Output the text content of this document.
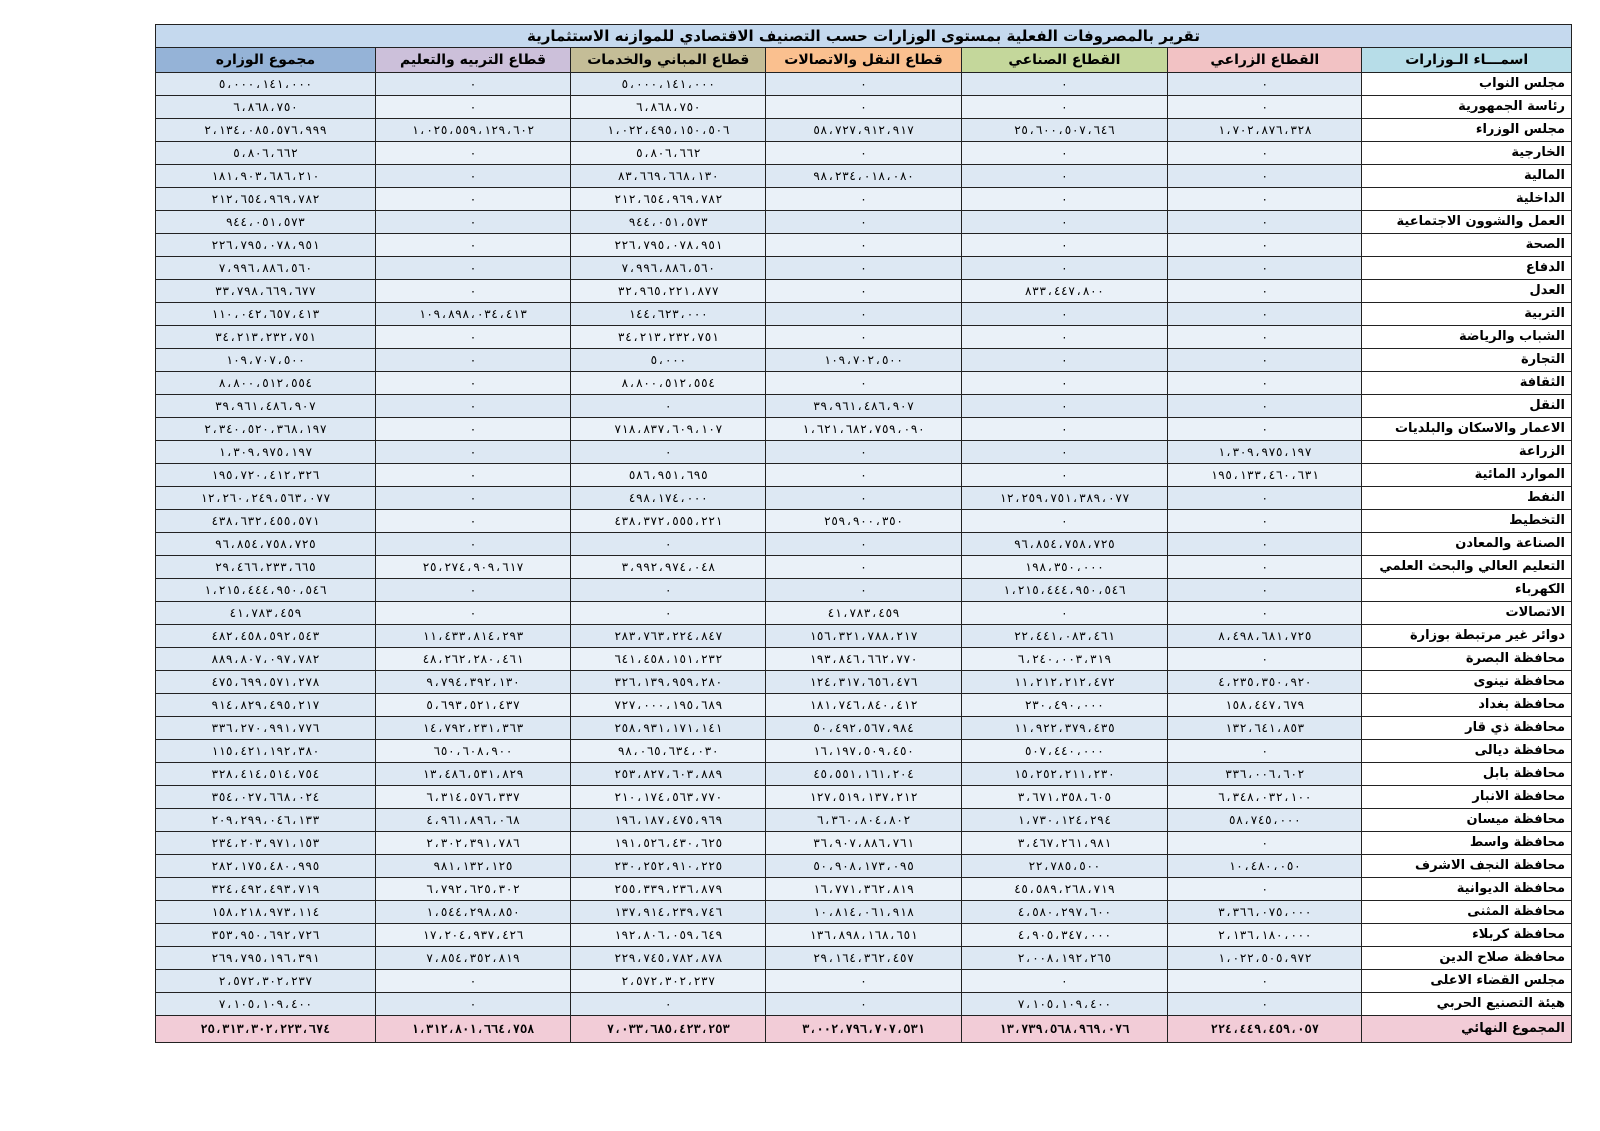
تقرير بالمصروفات الفعلية بمستوى الوزارات حسب التصنيف الاقتصادي للموازنه الاستثمارية						
اسمـــاء الـوزارات	القطاع الزراعي	القطاع الصناعي	قطاع النقل والاتصالات	قطاع المباني والخدمات	قطاع التربيه والتعليم	مجموع الوزاره
مجلس النواب	٠	٠	٠	٥،٠٠٠،١٤١،٠٠٠	٠	٥،٠٠٠،١٤١،٠٠٠
رئاسة الجمهورية	٠	٠	٠	٦،٨٦٨،٧٥٠	٠	٦،٨٦٨،٧٥٠
مجلس الوزراء	١،٧٠٢،٨٧٦،٣٢٨	٢٥،٦٠٠،٥٠٧،٦٤٦	٥٨،٧٢٧،٩١٢،٩١٧	١،٠٢٢،٤٩٥،١٥٠،٥٠٦	١،٠٢٥،٥٥٩،١٢٩،٦٠٢	٢،١٣٤،٠٨٥،٥٧٦،٩٩٩
الخارجية	٠	٠	٠	٥،٨٠٦،٦٦٢	٠	٥،٨٠٦،٦٦٢
المالية	٠	٠	٩٨،٢٣٤،٠١٨،٠٨٠	٨٣،٦٦٩،٦٦٨،١٣٠	٠	١٨١،٩٠٣،٦٨٦،٢١٠
الداخلية	٠	٠	٠	٢١٢،٦٥٤،٩٦٩،٧٨٢	٠	٢١٢،٦٥٤،٩٦٩،٧٨٢
العمل والشوون الاجتماعية	٠	٠	٠	٩٤٤،٠٥١،٥٧٣	٠	٩٤٤،٠٥١،٥٧٣
الصحة	٠	٠	٠	٢٢٦،٧٩٥،٠٧٨،٩٥١	٠	٢٢٦،٧٩٥،٠٧٨،٩٥١
الدفاع	٠	٠	٠	٧،٩٩٦،٨٨٦،٥٦٠	٠	٧،٩٩٦،٨٨٦،٥٦٠
العدل	٠	٨٣٣،٤٤٧،٨٠٠	٠	٣٢،٩٦٥،٢٢١،٨٧٧	٠	٣٣،٧٩٨،٦٦٩،٦٧٧
التربية	٠	٠	٠	١٤٤،٦٢٣،٠٠٠	١٠٩،٨٩٨،٠٣٤،٤١٣	١١٠،٠٤٢،٦٥٧،٤١٣
الشباب والرياضة	٠	٠	٠	٣٤،٢١٣،٢٣٢،٧٥١	٠	٣٤،٢١٣،٢٣٢،٧٥١
التجارة	٠	٠	١٠٩،٧٠٢،٥٠٠	٥،٠٠٠	٠	١٠٩،٧٠٧،٥٠٠
الثقافة	٠	٠	٠	٨،٨٠٠،٥١٢،٥٥٤	٠	٨،٨٠٠،٥١٢،٥٥٤
النقل	٠	٠	٣٩،٩٦١،٤٨٦،٩٠٧	٠	٠	٣٩،٩٦١،٤٨٦،٩٠٧
الاعمار والاسكان والبلديات	٠	٠	١،٦٢١،٦٨٢،٧٥٩،٠٩٠	٧١٨،٨٣٧،٦٠٩،١٠٧	٠	٢،٣٤٠،٥٢٠،٣٦٨،١٩٧
الزراعة	١،٣٠٩،٩٧٥،١٩٧	٠	٠	٠	٠	١،٣٠٩،٩٧٥،١٩٧
الموارد المائية	١٩٥،١٣٣،٤٦٠،٦٣١	٠	٠	٥٨٦،٩٥١،٦٩٥	٠	١٩٥،٧٢٠،٤١٢،٣٢٦
النفط	٠	١٢،٢٥٩،٧٥١،٣٨٩،٠٧٧	٠	٤٩٨،١٧٤،٠٠٠	٠	١٢،٢٦٠،٢٤٩،٥٦٣،٠٧٧
التخطيط	٠	٠	٢٥٩،٩٠٠،٣٥٠	٤٣٨،٣٧٢،٥٥٥،٢٢١	٠	٤٣٨،٦٣٢،٤٥٥،٥٧١
الصناعة والمعادن	٠	٩٦،٨٥٤،٧٥٨،٧٢٥	٠	٠	٠	٩٦،٨٥٤،٧٥٨،٧٢٥
التعليم العالي والبحث العلمي	٠	١٩٨،٣٥٠،٠٠٠	٠	٣،٩٩٢،٩٧٤،٠٤٨	٢٥،٢٧٤،٩٠٩،٦١٧	٢٩،٤٦٦،٢٣٣،٦٦٥
الكهرباء	٠	١،٢١٥،٤٤٤،٩٥٠،٥٤٦	٠	٠	٠	١،٢١٥،٤٤٤،٩٥٠،٥٤٦
الاتصالات	٠	٠	٤١،٧٨٣،٤٥٩	٠	٠	٤١،٧٨٣،٤٥٩
دوائر غير مرتبطة بوزارة	٨،٤٩٨،٦٨١،٧٢٥	٢٢،٤٤١،٠٨٣،٤٦١	١٥٦،٣٢١،٧٨٨،٢١٧	٢٨٣،٧٦٣،٢٢٤،٨٤٧	١١،٤٣٣،٨١٤،٢٩٣	٤٨٢،٤٥٨،٥٩٢،٥٤٣
محافظة البصرة	٠	٦،٢٤٠،٠٠٣،٣١٩	١٩٣،٨٤٦،٦٦٢،٧٧٠	٦٤١،٤٥٨،١٥١،٢٣٢	٤٨،٢٦٢،٢٨٠،٤٦١	٨٨٩،٨٠٧،٠٩٧،٧٨٢
محافظة نينوى	٤،٢٣٥،٣٥٠،٩٢٠	١١،٢١٢،٢١٢،٤٧٢	١٢٤،٣١٧،٦٥٦،٤٧٦	٣٢٦،١٣٩،٩٥٩،٢٨٠	٩،٧٩٤،٣٩٢،١٣٠	٤٧٥،٦٩٩،٥٧١،٢٧٨
محافظة بغداد	١٥٨،٤٤٧،٦٧٩	٢٣٠،٤٩٠،٠٠٠	١٨١،٧٤٦،٨٤٠،٤١٢	٧٢٧،٠٠٠،١٩٥،٦٨٩	٥،٦٩٣،٥٢١،٤٣٧	٩١٤،٨٢٩،٤٩٥،٢١٧
محافظة ذي قار	١٣٢،٦٤١،٨٥٣	١١،٩٢٢،٣٧٩،٤٣٥	٥٠،٤٩٢،٥٦٧،٩٨٤	٢٥٨،٩٣١،١٧١،١٤١	١٤،٧٩٢،٢٣١،٣٦٣	٣٣٦،٢٧٠،٩٩١،٧٧٦
محافظة ديالى	٠	٥٠٧،٤٤٠،٠٠٠	١٦،١٩٧،٥٠٩،٤٥٠	٩٨،٠٦٥،٦٣٤،٠٣٠	٦٥٠،٦٠٨،٩٠٠	١١٥،٤٢١،١٩٢،٣٨٠
محافظة بابل	٣٣٦،٠٠٦،٦٠٢	١٥،٢٥٢،٢١١،٢٣٠	٤٥،٥٥١،١٦١،٢٠٤	٢٥٣،٨٢٧،٦٠٣،٨٨٩	١٣،٤٨٦،٥٣١،٨٢٩	٣٢٨،٤١٤،٥١٤،٧٥٤
محافظة الانبار	٦،٣٤٨،٠٣٢،١٠٠	٣،٦٧١،٣٥٨،٦٠٥	١٢٧،٥١٩،١٣٧،٢١٢	٢١٠،١٧٤،٥٦٣،٧٧٠	٦،٣١٤،٥٧٦،٣٣٧	٣٥٤،٠٢٧،٦٦٨،٠٢٤
محافظة ميسان	٥٨،٧٤٥،٠٠٠	١،٧٣٠،١٢٤،٢٩٤	٦،٣٦٠،٨٠٤،٨٠٢	١٩٦،١٨٧،٤٧٥،٩٦٩	٤،٩٦١،٨٩٦،٠٦٨	٢٠٩،٢٩٩،٠٤٦،١٣٣
محافظة واسط	٠	٣،٤٦٧،٢٦١،٩٨١	٣٦،٩٠٧،٨٨٦،٧٦١	١٩١،٥٢٦،٤٣٠،٦٢٥	٢،٣٠٢،٣٩١،٧٨٦	٢٣٤،٢٠٣،٩٧١،١٥٣
محافظة النجف الاشرف	١٠،٤٨٠،٠٥٠	٢٢،٧٨٥،٥٠٠	٥٠،٩٠٨،١٧٣،٠٩٥	٢٣٠،٢٥٢،٩١٠،٢٢٥	٩٨١،١٣٢،١٢٥	٢٨٢،١٧٥،٤٨٠،٩٩٥
محافظة الديوانية	٠	٤٥،٥٨٩،٢٦٨،٧١٩	١٦،٧٧١،٣٦٢،٨١٩	٢٥٥،٣٣٩،٢٣٦،٨٧٩	٦،٧٩٢،٦٢٥،٣٠٢	٣٢٤،٤٩٢،٤٩٣،٧١٩
محافظة المثنى	٣،٣٦٦،٠٧٥،٠٠٠	٤،٥٨٠،٢٩٧،٦٠٠	١٠،٨١٤،٠٦١،٩١٨	١٣٧،٩١٤،٢٣٩،٧٤٦	١،٥٤٤،٢٩٨،٨٥٠	١٥٨،٢١٨،٩٧٣،١١٤
محافظة كربلاء	٢،١٣٦،١٨٠،٠٠٠	٤،٩٠٥،٣٤٧،٠٠٠	١٣٦،٨٩٨،١٦٨،٦٥١	١٩٢،٨٠٦،٠٥٩،٦٤٩	١٧،٢٠٤،٩٣٧،٤٢٦	٣٥٣،٩٥٠،٦٩٢،٧٢٦
محافظة صلاح الدين	١،٠٢٢،٥٠٥،٩٧٢	٢،٠٠٨،١٩٢،٢٦٥	٢٩،١٦٤،٣٦٢،٤٥٧	٢٢٩،٧٤٥،٧٨٢،٨٧٨	٧،٨٥٤،٣٥٢،٨١٩	٢٦٩،٧٩٥،١٩٦،٣٩١
مجلس القضاء الاعلى	٠	٠	٠	٢،٥٧٢،٣٠٢،٢٣٧	٠	٢،٥٧٢،٣٠٢،٢٣٧
هيئة التصنيع الحربي	٠	٧،١٠٥،١٠٩،٤٠٠	٠	٠	٠	٧،١٠٥،١٠٩،٤٠٠
المجموع النهائي	٢٢٤،٤٤٩،٤٥٩،٠٥٧	١٣،٧٣٩،٥٦٨،٩٦٩،٠٧٦	٣،٠٠٢،٧٩٦،٧٠٧،٥٣١	٧،٠٣٣،٦٨٥،٤٢٣،٢٥٣	١،٣١٢،٨٠١،٦٦٤،٧٥٨	٢٥،٣١٣،٣٠٢،٢٢٣،٦٧٤
